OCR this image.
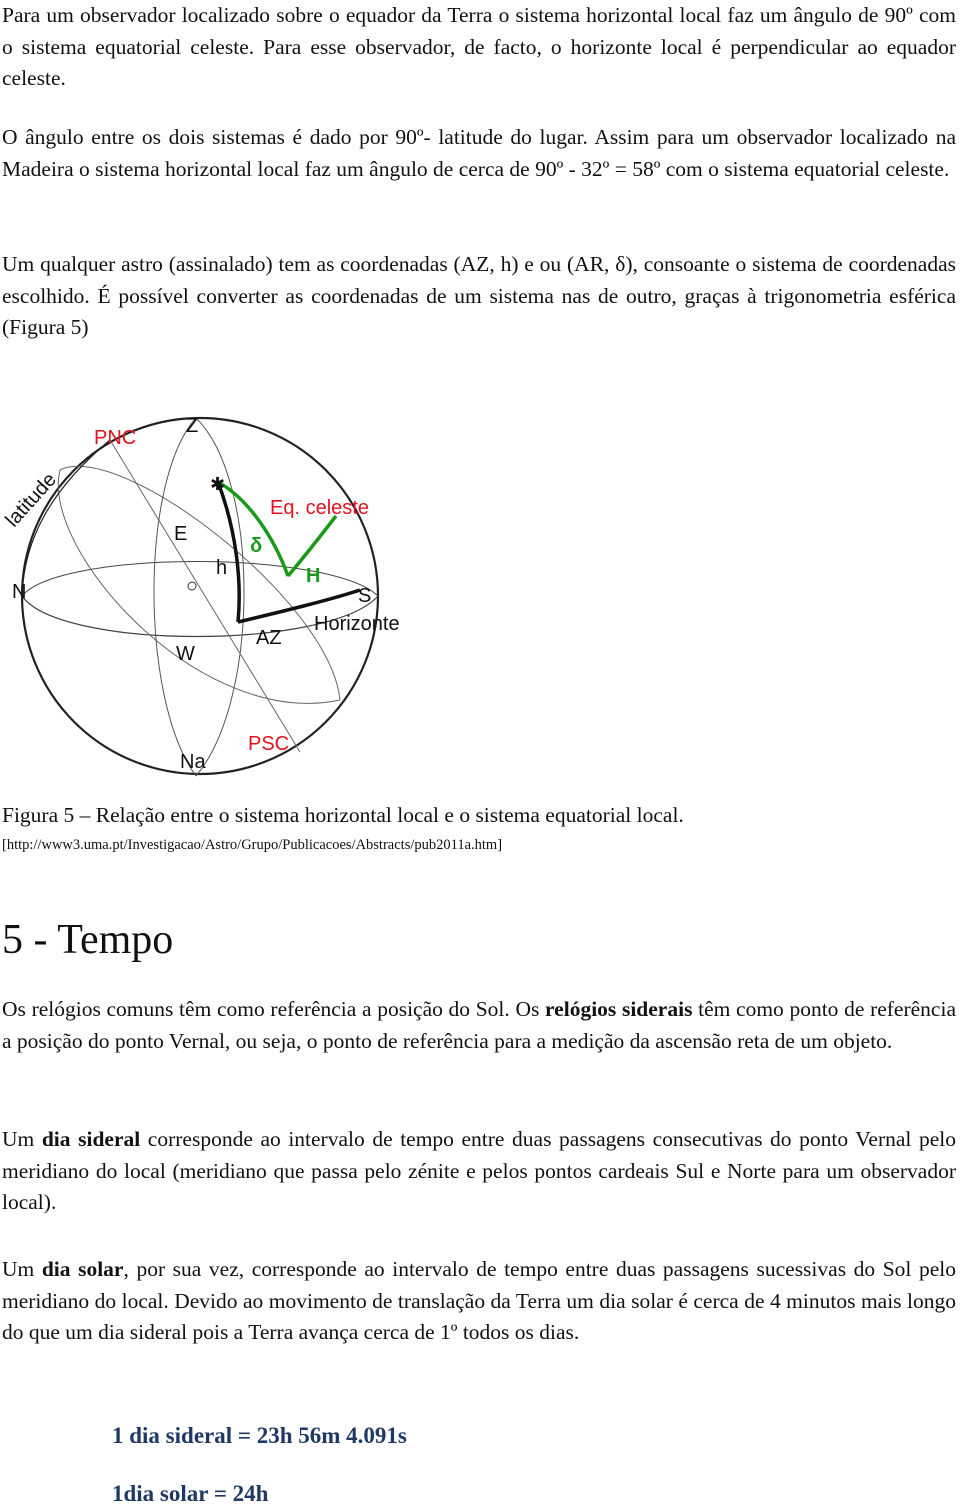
Para um observador localizado sobre o equador da Terra o sistema horizontal local faz um ângulo de 90º com o sistema equatorial celeste. Para esse observador, de facto, o horizonte local é perpendicular ao equador celeste.

O ângulo entre os dois sistemas é dado por 90º- latitude do lugar. Assim para um observador localizado na Madeira o sistema horizontal local faz um ângulo de cerca de 90º - 32º = 58º com o sistema equatorial celeste.

Um qualquer astro (assinalado) tem as coordenadas (AZ, h) e ou (AR, δ), consoante o sistema de coordenadas escolhido. É possível converter as coordenadas de um sistema nas de outro, graças à trigonometria esférica (Figura 5)

✱
PNC
Z
latitude	Eq. celeste
E
δ
h	H
N	S
Horizonte
AZ
W
PSC
Na
Figura 5 – Relação entre o sistema horizontal local e o sistema equatorial local.
[http://www3.uma.pt/Investigacao/Astro/Grupo/Publicacoes/Abstracts/pub2011a.htm]
5 - Tempo

Os relógios comuns têm como referência a posição do Sol. Os relógios siderais têm como ponto de referência a posição do ponto Vernal, ou seja, o ponto de referência para a medição da ascensão reta de um objeto.

Um dia sideral corresponde ao intervalo de tempo entre duas passagens consecutivas do ponto Vernal pelo meridiano do local (meridiano que passa pelo zénite e pelos pontos cardeais Sul e Norte para um observador local).

Um dia solar, por sua vez, corresponde ao intervalo de tempo entre duas passagens sucessivas do Sol pelo meridiano do local. Devido ao movimento de translação da Terra um dia solar é cerca de 4 minutos mais longo do que um dia sideral pois a Terra avança cerca de 1º todos os dias.

1 dia sideral = 23h 56m 4.091s
1dia solar = 24h
